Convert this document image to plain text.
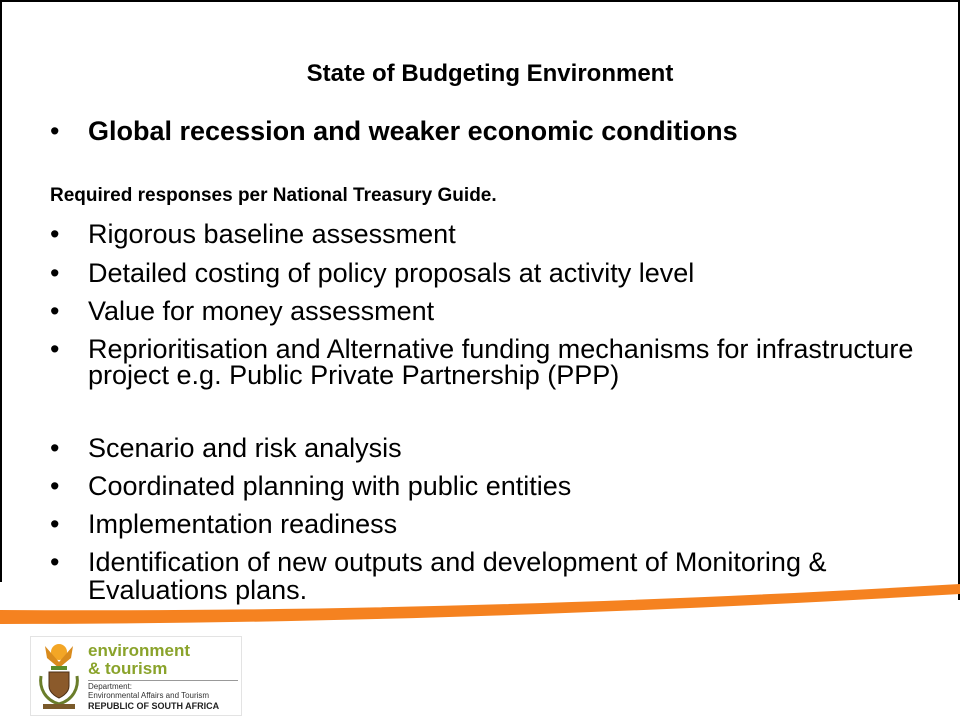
State of Budgeting Environment
•	Global recession and weaker economic conditions
Required responses per National Treasury Guide.
•	Rigorous baseline assessment
•	Detailed costing of policy proposals at activity level
•	Value for money assessment
•	Reprioritisation and Alternative funding mechanisms for infrastructure project e.g. Public Private Partnership (PPP)
•	Scenario and risk analysis
•	Coordinated planning with public entities
•	Implementation readiness
•	Identification of new outputs and development of Monitoring & Evaluations plans.
environment
& tourism
Department:
Environmental Affairs and Tourism
REPUBLIC OF SOUTH AFRICA
